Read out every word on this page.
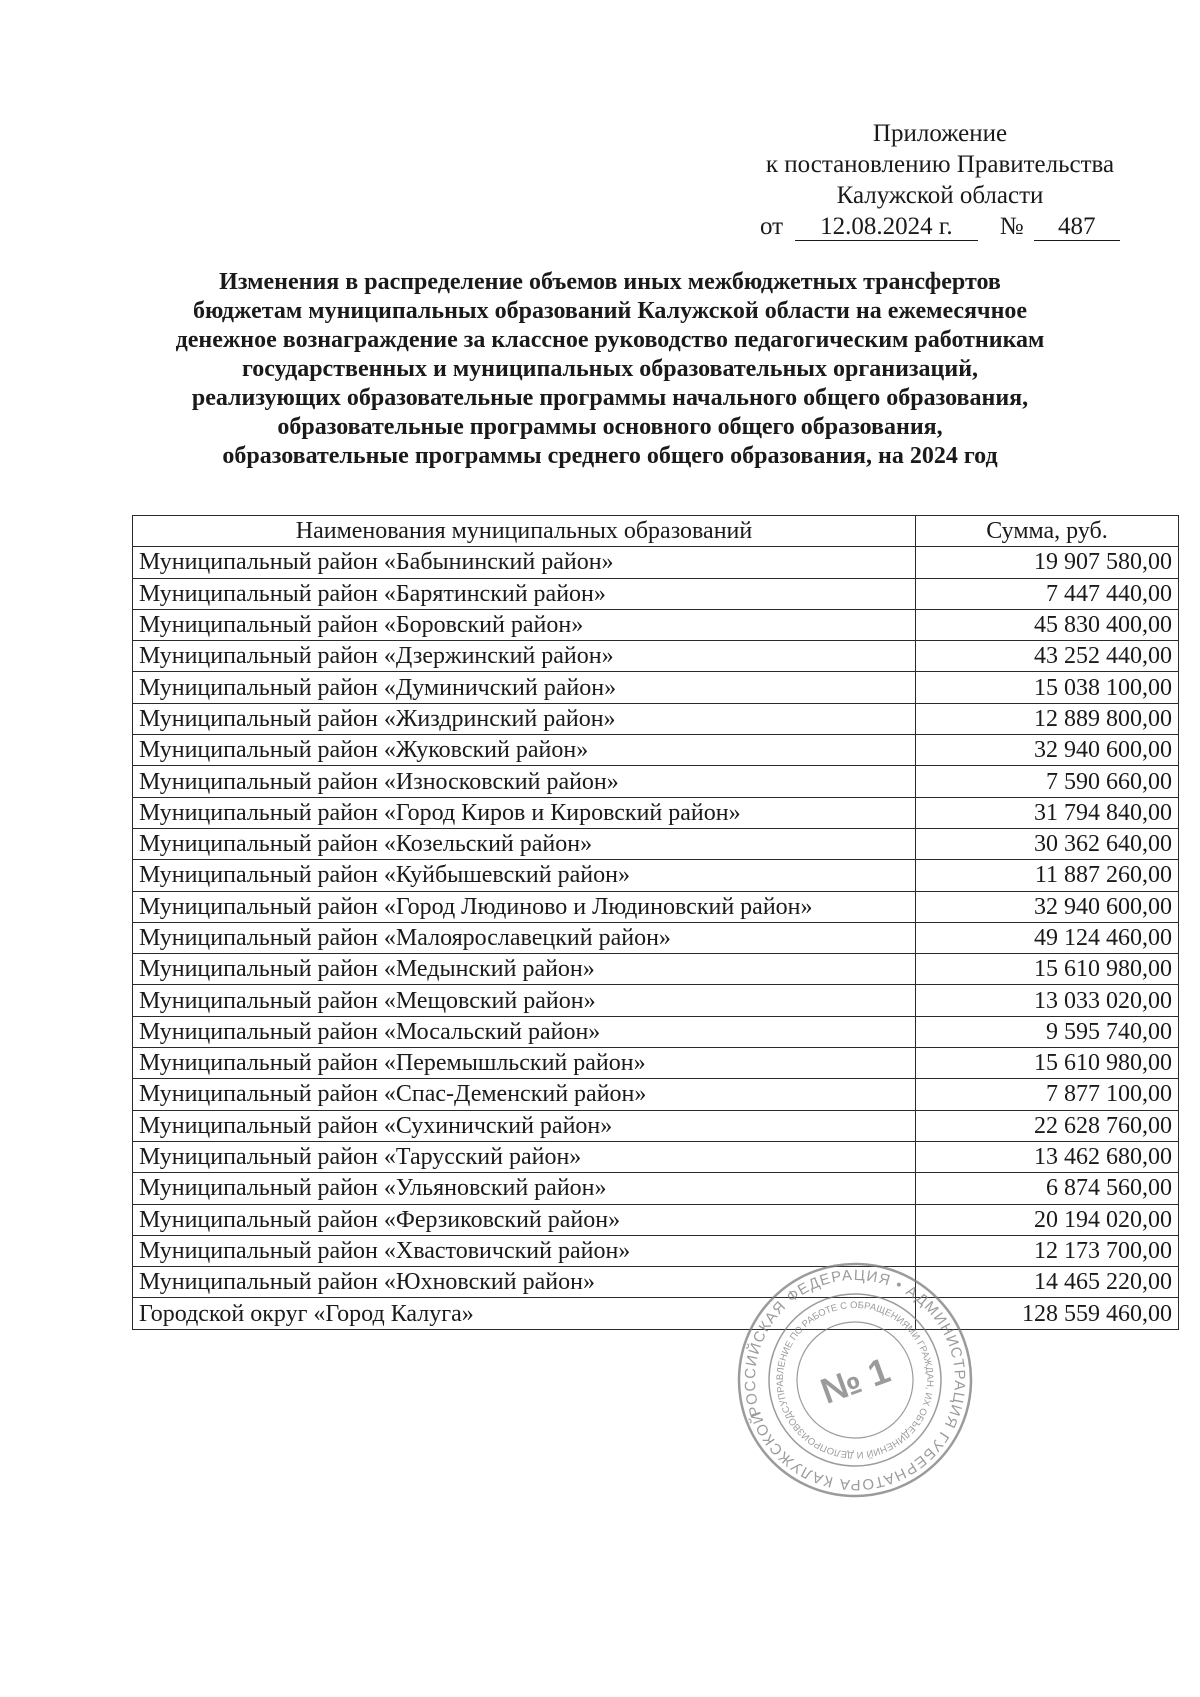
Приложение
к постановлению Правительства
Калужской области
от	12.08.2024 г.	№	487
Изменения в распределение объемов иных межбюджетных трансфертов
бюджетам муниципальных образований Калужской области на ежемесячное
денежное вознаграждение за классное руководство педагогическим работникам
государственных и муниципальных образовательных организаций,
реализующих образовательные программы начального общего образования,
образовательные программы основного общего образования,
образовательные программы среднего общего образования, на 2024 год
Наименования муниципальных образований	Сумма, руб.
Муниципальный район «Бабынинский район»	19 907 580,00
Муниципальный район «Барятинский район»	7 447 440,00
Муниципальный район «Боровский район»	45 830 400,00
Муниципальный район «Дзержинский район»	43 252 440,00
Муниципальный район «Думиничский район»	15 038 100,00
Муниципальный район «Жиздринский район»	12 889 800,00
Муниципальный район «Жуковский район»	32 940 600,00
Муниципальный район «Износковский район»	7 590 660,00
Муниципальный район «Город Киров и Кировский район»	31 794 840,00
Муниципальный район «Козельский район»	30 362 640,00
Муниципальный район «Куйбышевский район»	11 887 260,00
Муниципальный район «Город Людиново и Людиновский район»	32 940 600,00
Муниципальный район «Малоярославецкий район»	49 124 460,00
Муниципальный район «Медынский район»	15 610 980,00
Муниципальный район «Мещовский район»	13 033 020,00
Муниципальный район «Мосальский район»	9 595 740,00
Муниципальный район «Перемышльский район»	15 610 980,00
Муниципальный район «Спас-Деменский район»	7 877 100,00
Муниципальный район «Сухиничский район»	22 628 760,00
Муниципальный район «Тарусский район»	13 462 680,00
Муниципальный район «Ульяновский район»	6 874 560,00
Муниципальный район «Ферзиковский район»	20 194 020,00
Муниципальный район «Хвастовичский район»	12 173 700,00
Муниципальный район «Юхновский район»	14 465 220,00
Городской округ «Город Калуга»	128 559 460,00
РОССИЙСКАЯ ФЕДЕРАЦИЯ • АДМИНИСТРАЦИЯ ГУБЕРНАТОРА КАЛУЖСКОЙ
УПРАВЛЕНИЕ ПО РАБОТЕ С ОБРАЩЕНИЯМИ ГРАЖДАН, ИХ ОБЪЕДИНЕНИЙ И ДЕЛОПРОИЗВОДСТВА
№ 1
